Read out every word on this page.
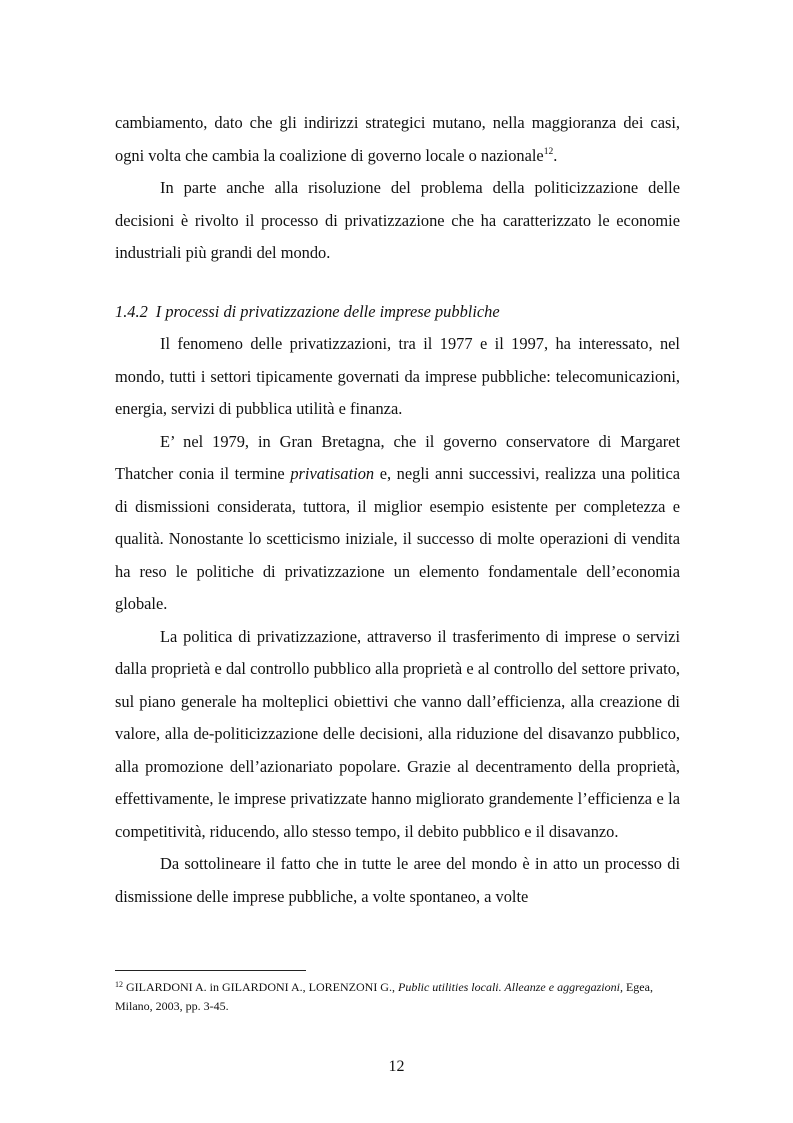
cambiamento, dato che gli indirizzi strategici mutano, nella maggioranza dei casi, ogni volta che cambia la coalizione di governo locale o nazionale$^{12}$.

In parte anche alla risoluzione del problema della politicizzazione delle decisioni è rivolto il processo di privatizzazione che ha caratterizzato le economie industriali più grandi del mondo.

1.4.2 I processi di privatizzazione delle imprese pubbliche

Il fenomeno delle privatizzazioni, tra il 1977 e il 1997, ha interessato, nel mondo, tutti i settori tipicamente governati da imprese pubbliche: telecomunicazioni, energia, servizi di pubblica utilità e finanza.

E’ nel 1979, in Gran Bretagna, che il governo conservatore di Margaret Thatcher conia il termine privatisation e, negli anni successivi, realizza una politica di dismissioni considerata, tuttora, il miglior esempio esistente per completezza e qualità. Nonostante lo scetticismo iniziale, il successo di molte operazioni di vendita ha reso le politiche di privatizzazione un elemento fondamentale dell’economia globale.

La politica di privatizzazione, attraverso il trasferimento di imprese o servizi dalla proprietà e dal controllo pubblico alla proprietà e al controllo del settore privato, sul piano generale ha molteplici obiettivi che vanno dall’efficienza, alla creazione di valore, alla de-politicizzazione delle decisioni, alla riduzione del disavanzo pubblico, alla promozione dell’azionariato popolare. Grazie al decentramento della proprietà, effettivamente, le imprese privatizzate hanno migliorato grandemente l’efficienza e la competitività, riducendo, allo stesso tempo, il debito pubblico e il disavanzo.

Da sottolineare il fatto che in tutte le aree del mondo è in atto un processo di dismissione delle imprese pubbliche, a volte spontaneo, a volte

$^{12}$ GILARDONI A. in GILARDONI A., LORENZONI G., Public utilities locali. Alleanze e aggregazioni, Egea, Milano, 2003, pp. 3-45.

12
